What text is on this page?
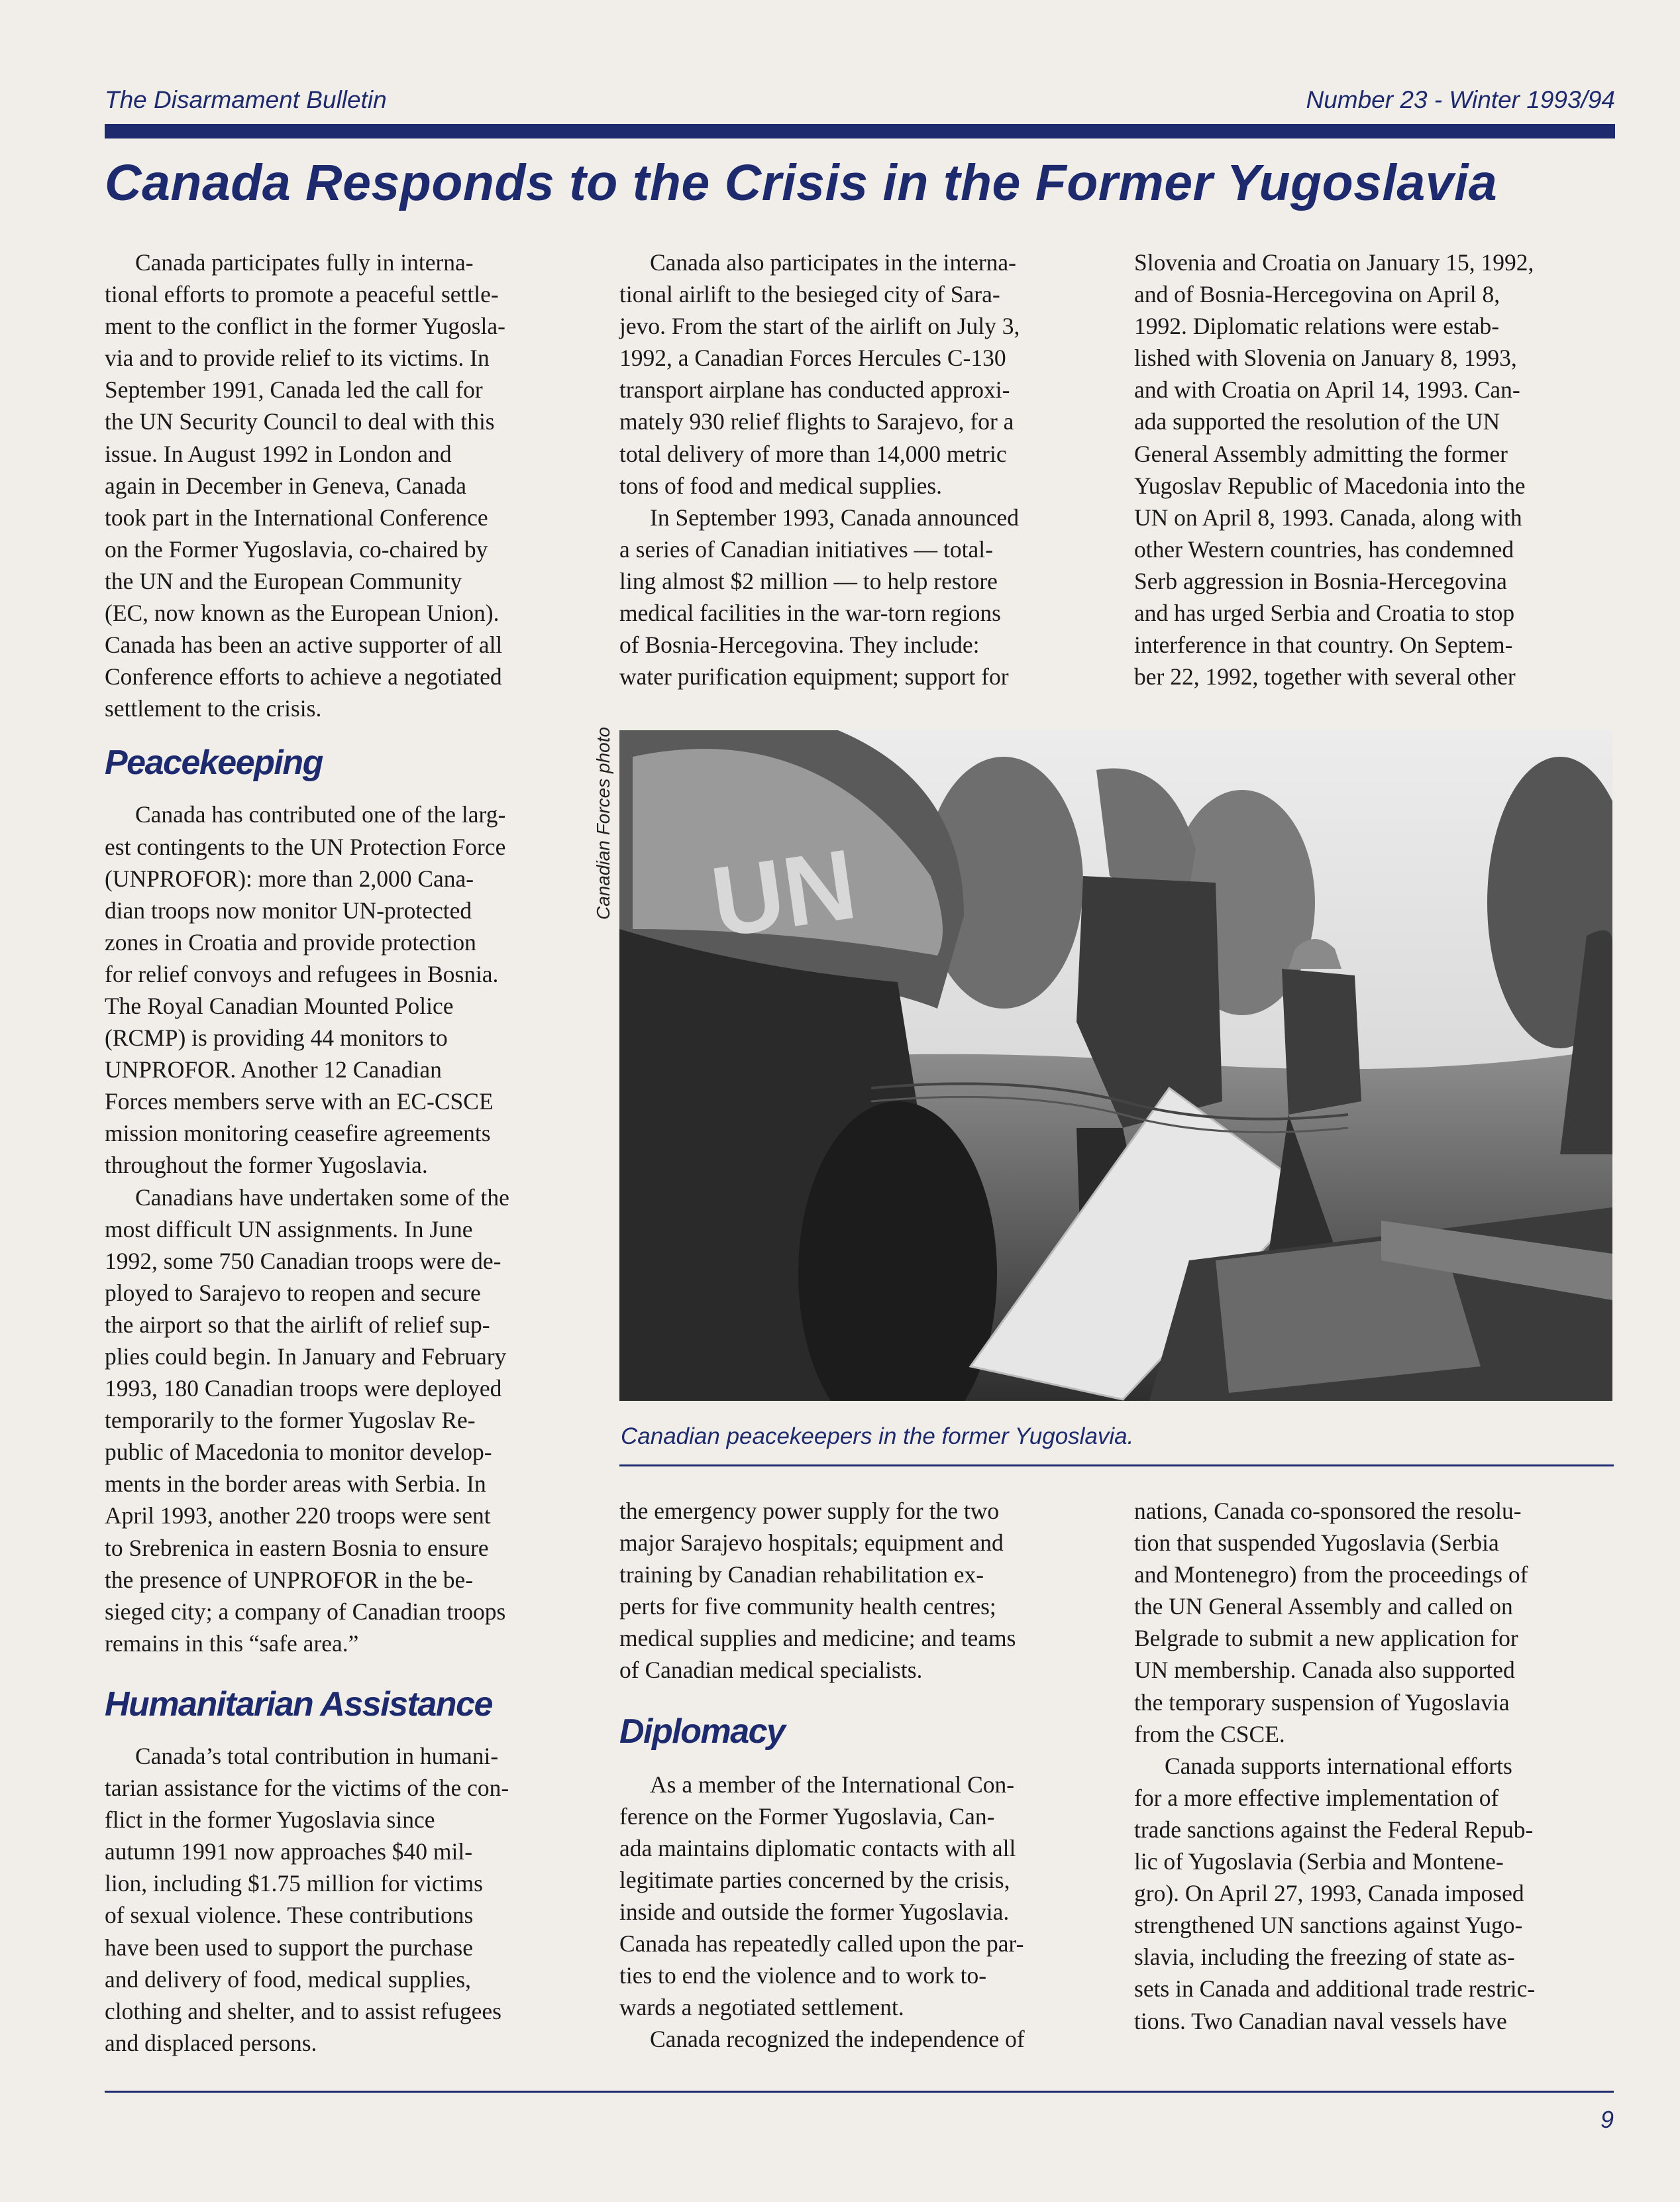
The Disarmament Bulletin	Number 23 - Winter 1993/94
Canada Responds to the Crisis in the Former Yugoslavia

Canada participates fully in interna-
tional efforts to promote a peaceful settle-
ment to the conflict in the former Yugosla-
via and to provide relief to its victims. In
September 1991, Canada led the call for
the UN Security Council to deal with this
issue. In August 1992 in London and
again in December in Geneva, Canada
took part in the International Conference
on the Former Yugoslavia, co-chaired by
the UN and the European Community
(EC, now known as the European Union).
Canada has been an active supporter of all
Conference efforts to achieve a negotiated
settlement to the crisis.

Peacekeeping

Canada has contributed one of the larg-
est contingents to the UN Protection Force
(UNPROFOR): more than 2,000 Cana-
dian troops now monitor UN-protected
zones in Croatia and provide protection
for relief convoys and refugees in Bosnia.
The Royal Canadian Mounted Police
(RCMP) is providing 44 monitors to
UNPROFOR. Another 12 Canadian
Forces members serve with an EC-CSCE
mission monitoring ceasefire agreements
throughout the former Yugoslavia.

Canadians have undertaken some of the
most difficult UN assignments. In June
1992, some 750 Canadian troops were de-
ployed to Sarajevo to reopen and secure
the airport so that the airlift of relief sup-
plies could begin. In January and February
1993, 180 Canadian troops were deployed
temporarily to the former Yugoslav Re-
public of Macedonia to monitor develop-
ments in the border areas with Serbia. In
April 1993, another 220 troops were sent
to Srebrenica in eastern Bosnia to ensure
the presence of UNPROFOR in the be-
sieged city; a company of Canadian troops
remains in this “safe area.”

Humanitarian Assistance

Canada’s total contribution in humani-
tarian assistance for the victims of the con-
flict in the former Yugoslavia since
autumn 1991 now approaches $40 mil-
lion, including $1.75 million for victims
of sexual violence. These contributions
have been used to support the purchase
and delivery of food, medical supplies,
clothing and shelter, and to assist refugees
and displaced persons.

Canada also participates in the interna-
tional airlift to the besieged city of Sara-
jevo. From the start of the airlift on July 3,
1992, a Canadian Forces Hercules C-130
transport airplane has conducted approxi-
mately 930 relief flights to Sarajevo, for a
total delivery of more than 14,000 metric
tons of food and medical supplies.

In September 1993, Canada announced
a series of Canadian initiatives — total-
ling almost $2 million — to help restore
medical facilities in the war-torn regions
of Bosnia-Hercegovina. They include:
water purification equipment; support for

Slovenia and Croatia on January 15, 1992,
and of Bosnia-Hercegovina on April 8,
1992. Diplomatic relations were estab-
lished with Slovenia on January 8, 1993,
and with Croatia on April 14, 1993. Can-
ada supported the resolution of the UN
General Assembly admitting the former
Yugoslav Republic of Macedonia into the
UN on April 8, 1993. Canada, along with
other Western countries, has condemned
Serb aggression in Bosnia-Hercegovina
and has urged Serbia and Croatia to stop
interference in that country. On Septem-
ber 22, 1992, together with several other

Canadian Forces photo UN
Canadian peacekeepers in the former Yugoslavia.

the emergency power supply for the two
major Sarajevo hospitals; equipment and
training by Canadian rehabilitation ex-
perts for five community health centres;
medical supplies and medicine; and teams
of Canadian medical specialists.

Diplomacy

As a member of the International Con-
ference on the Former Yugoslavia, Can-
ada maintains diplomatic contacts with all
legitimate parties concerned by the crisis,
inside and outside the former Yugoslavia.
Canada has repeatedly called upon the par-
ties to end the violence and to work to-
wards a negotiated settlement.

Canada recognized the independence of

nations, Canada co-sponsored the resolu-
tion that suspended Yugoslavia (Serbia
and Montenegro) from the proceedings of
the UN General Assembly and called on
Belgrade to submit a new application for
UN membership. Canada also supported
the temporary suspension of Yugoslavia
from the CSCE.

Canada supports international efforts
for a more effective implementation of
trade sanctions against the Federal Repub-
lic of Yugoslavia (Serbia and Montene-
gro). On April 27, 1993, Canada imposed
strengthened UN sanctions against Yugo-
slavia, including the freezing of state as-
sets in Canada and additional trade restric-
tions. Two Canadian naval vessels have

9
